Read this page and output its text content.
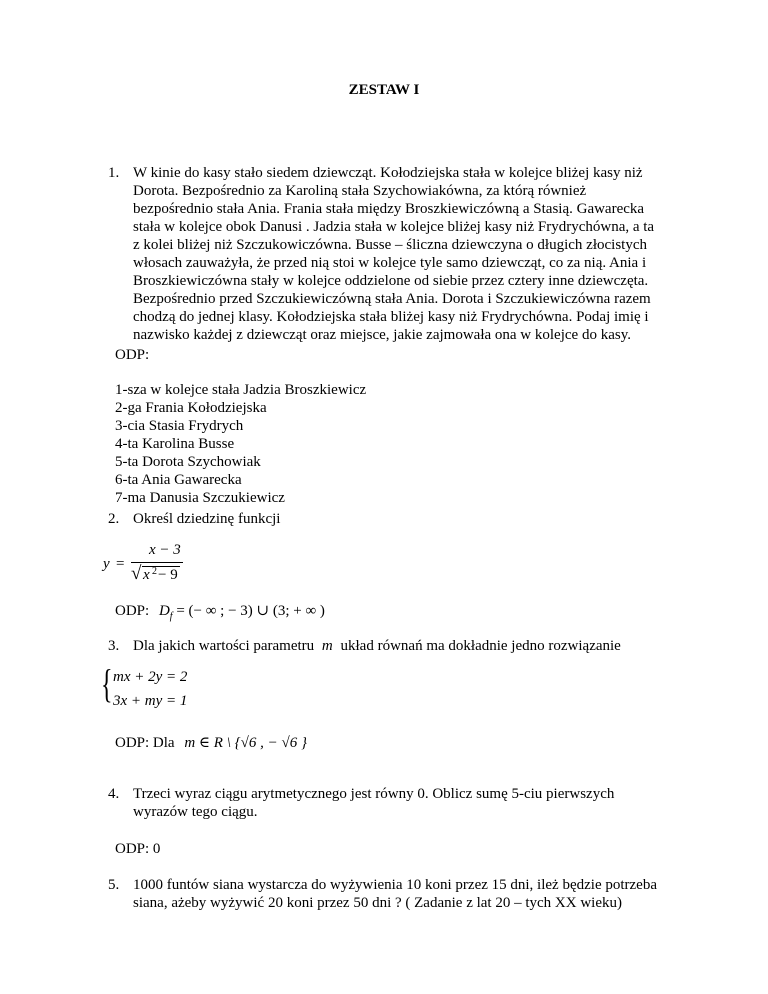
ZESTAW I
1. W kinie do kasy stało siedem dziewcząt. Kołodziejska stała w kolejce bliżej kasy niż
Dorota. Bezpośrednio za Karoliną stała Szychowiakówna, za którą również
bezpośrednio stała Ania. Frania stała między Broszkiewiczówną a Stasią. Gawarecka
stała w kolejce obok Danusi . Jadzia stała w kolejce bliżej kasy niż Frydrychówna, a ta
z kolei bliżej niż Szczukowiczówna. Busse – śliczna dziewczyna o długich złocistych
włosach zauważyła, że przed nią stoi w kolejce tyle samo dziewcząt, co za nią. Ania i
Broszkiewiczówna stały w kolejce oddzielone od siebie przez cztery inne dziewczęta.
Bezpośrednio przed Szczukiewiczówną stała Ania. Dorota i Szczukiewiczówna razem
chodzą do jednej klasy. Kołodziejska stała bliżej kasy niż Frydrychówna. Podaj imię i
nazwisko każdej z dziewcząt oraz miejsce, jakie zajmowała ona w kolejce do kasy.
ODP:
1-sza w kolejce stała Jadzia Broszkiewicz
2-ga Frania Kołodziejska
3-cia Stasia Frydrych
4-ta Karolina Busse
5-ta Dorota Szychowiak
6-ta Ania Gawarecka
7-ma Danusia Szczukiewicz
2. Określ dziedzinę funkcji
y =
x − 3
√ x 2 − 9
ODP: $D_f$ = (− ∞ ; − 3) ∪ (3; + ∞ )
3. Dla jakich wartości parametru m układ równań ma dokładnie jedno rozwiązanie
{ mx + 2y = 2
3x + my = 1
ODP: Dla m ∈ R \ {√6 , − √6 }
4. Trzeci wyraz ciągu arytmetycznego jest równy 0. Oblicz sumę 5-ciu pierwszych
wyrazów tego ciągu.
ODP: 0
5. 1000 funtów siana wystarcza do wyżywienia 10 koni przez 15 dni, ileż będzie potrzeba
siana, ażeby wyżywić 20 koni przez 50 dni ? ( Zadanie z lat 20 – tych XX wieku)
